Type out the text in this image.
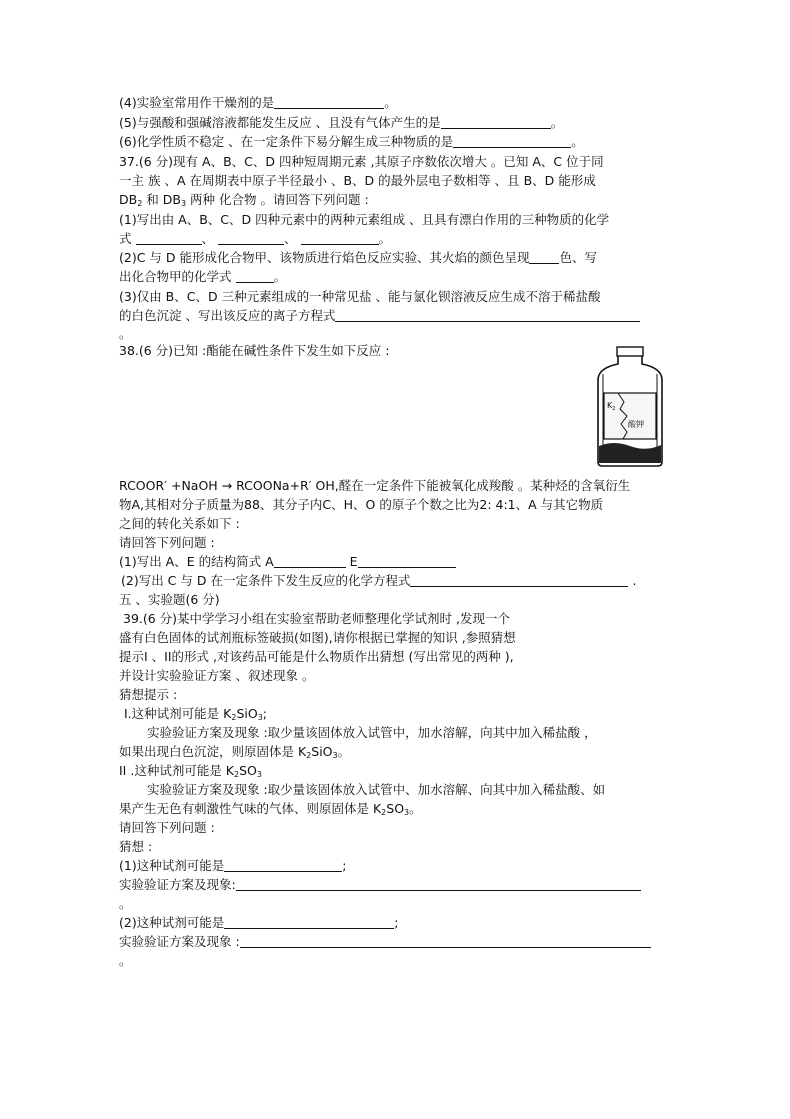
(4)实验室常用作干燥剂的是	。
(5)与强酸和强碱溶液都能发生反应 、且没有气体产生的是	。
(6)化学性质不稳定 、在一定条件下易分解生成三种物质的是	。
37.(6 分)现有 A、B、C、D 四种短周期元素 ,其原子序数依次增大 。已知 A、C 位于同
一主 族 、A 在周期表中原子半径最小 、B、D 的最外层电子数相等 、且 B、D 能形成
$DB_2$ 和 $DB_3$ 两种 化合物 。请回答下列问题 :
(1)写出由 A、B、C、D 四种元素中的两种元素组成 、且具有漂白作用的三种物质的化学
式	、	、	。
(2)C 与 D 能形成化合物甲、该物质进行焰色反应实验、其火焰的颜色呈现 色、写
出化合物甲的化学式	。
(3)仅由 B、C、D 三种元素组成的一种常见盐 、能与氯化钡溶液反应生成不溶于稀盐酸
的白色沉淀 、写出该反应的离子方程式
。
38.(6 分)已知 :酯能在碱性条件下发生如下反应 :
$K_2$
酸钾
RCOOR′ +NaOH → RCOONa+R′ OH,醛在一定条件下能被氧化成羧酸 。某种烃的含氧衍生
物A,其相对分子质量为88、其分子内C、H、O 的原子个数之比为2: 4:1、A 与其它物质
之间的转化关系如下 :
请回答下列问题 :
(1)写出 A、E 的结构简式 A	E
(2)写出 C 与 D 在一定条件下发生反应的化学方程式	.
五 、实验题(6 分)
39.(6 分)某中学学习小组在实验室帮助老师整理化学试剂时 ,发现一个
盛有白色固体的试剂瓶标签破损(如图),请你根据已掌握的知识 ,参照猜想
提示I 、II的形式 ,对该药品可能是什么物质作出猜想 (写出常见的两种 ),
并设计实验验证方案 、叙述现象 。
猜想提示 :
I.这种试剂可能是 $K_2SiO_3$;
实验验证方案及现象 :取少量该固体放入试管中，加水溶解，向其中加入稀盐酸 ，
如果出现白色沉淀，则原固体是 $K_2SiO_3$。
II .这种试剂可能是 $K_2SO_3$
实验验证方案及现象 :取少量该固体放入试管中、加水溶解、向其中加入稀盐酸、如
果产生无色有刺激性气味的气体、则原固体是 $K_2SO_3$。
请回答下列问题 :
猜想 :
(1)这种试剂可能是	;
实验验证方案及现象:
。
(2)这种试剂可能是	;
实验验证方案及现象 :
。
